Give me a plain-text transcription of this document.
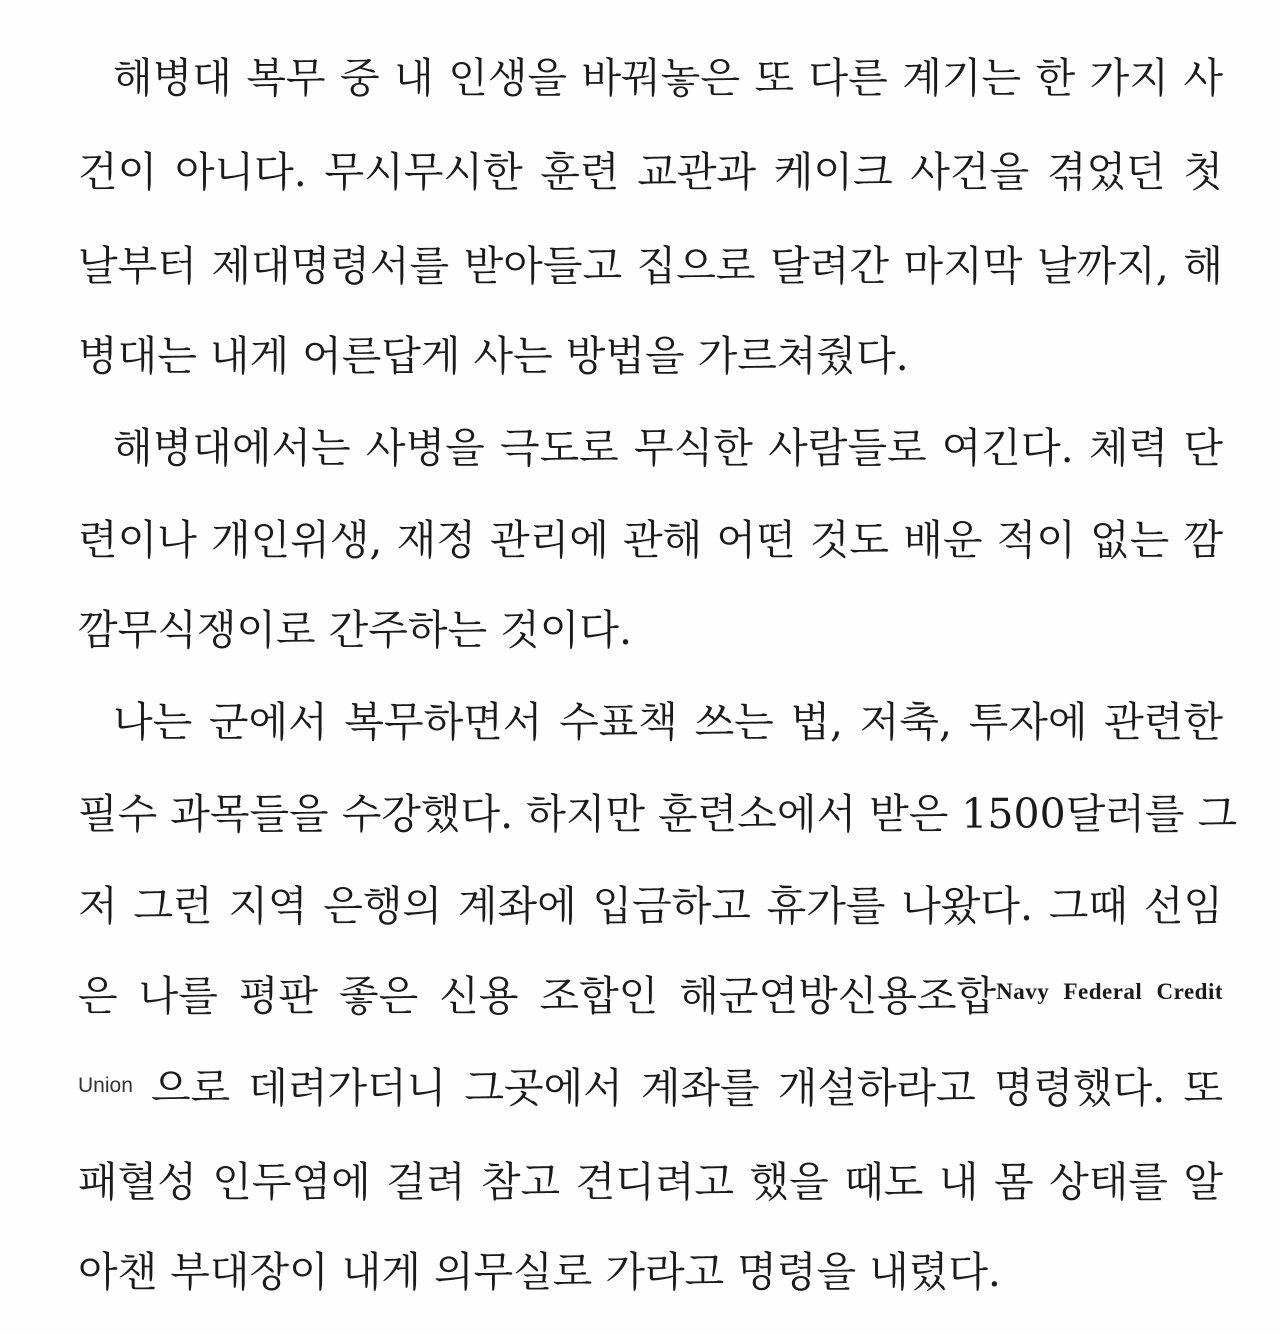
해병대 복무 중 내 인생을 바꿔놓은 또 다른 계기는 한 가지 사
건이 아니다. 무시무시한 훈련 교관과 케이크 사건을 겪었던 첫
날부터 제대명령서를 받아들고 집으로 달려간 마지막 날까지, 해
병대는 내게 어른답게 사는 방법을 가르쳐줬다.
해병대에서는 사병을 극도로 무식한 사람들로 여긴다. 체력 단
련이나 개인위생, 재정 관리에 관해 어떤 것도 배운 적이 없는 깜
깜무식쟁이로 간주하는 것이다.
나는 군에서 복무하면서 수표책 쓰는 법, 저축, 투자에 관련한
필수 과목들을 수강했다. 하지만 훈련소에서 받은 1500달러를 그
저 그런 지역 은행의 계좌에 입금하고 휴가를 나왔다. 그때 선임
은 나를 평판 좋은 신용 조합인 해군연방신용조합$^{Navy Federal Credit}$
$^{Union}$ 으로 데려가더니 그곳에서 계좌를 개설하라고 명령했다. 또
패혈성 인두염에 걸려 참고 견디려고 했을 때도 내 몸 상태를 알
아챈 부대장이 내게 의무실로 가라고 명령을 내렸다.
